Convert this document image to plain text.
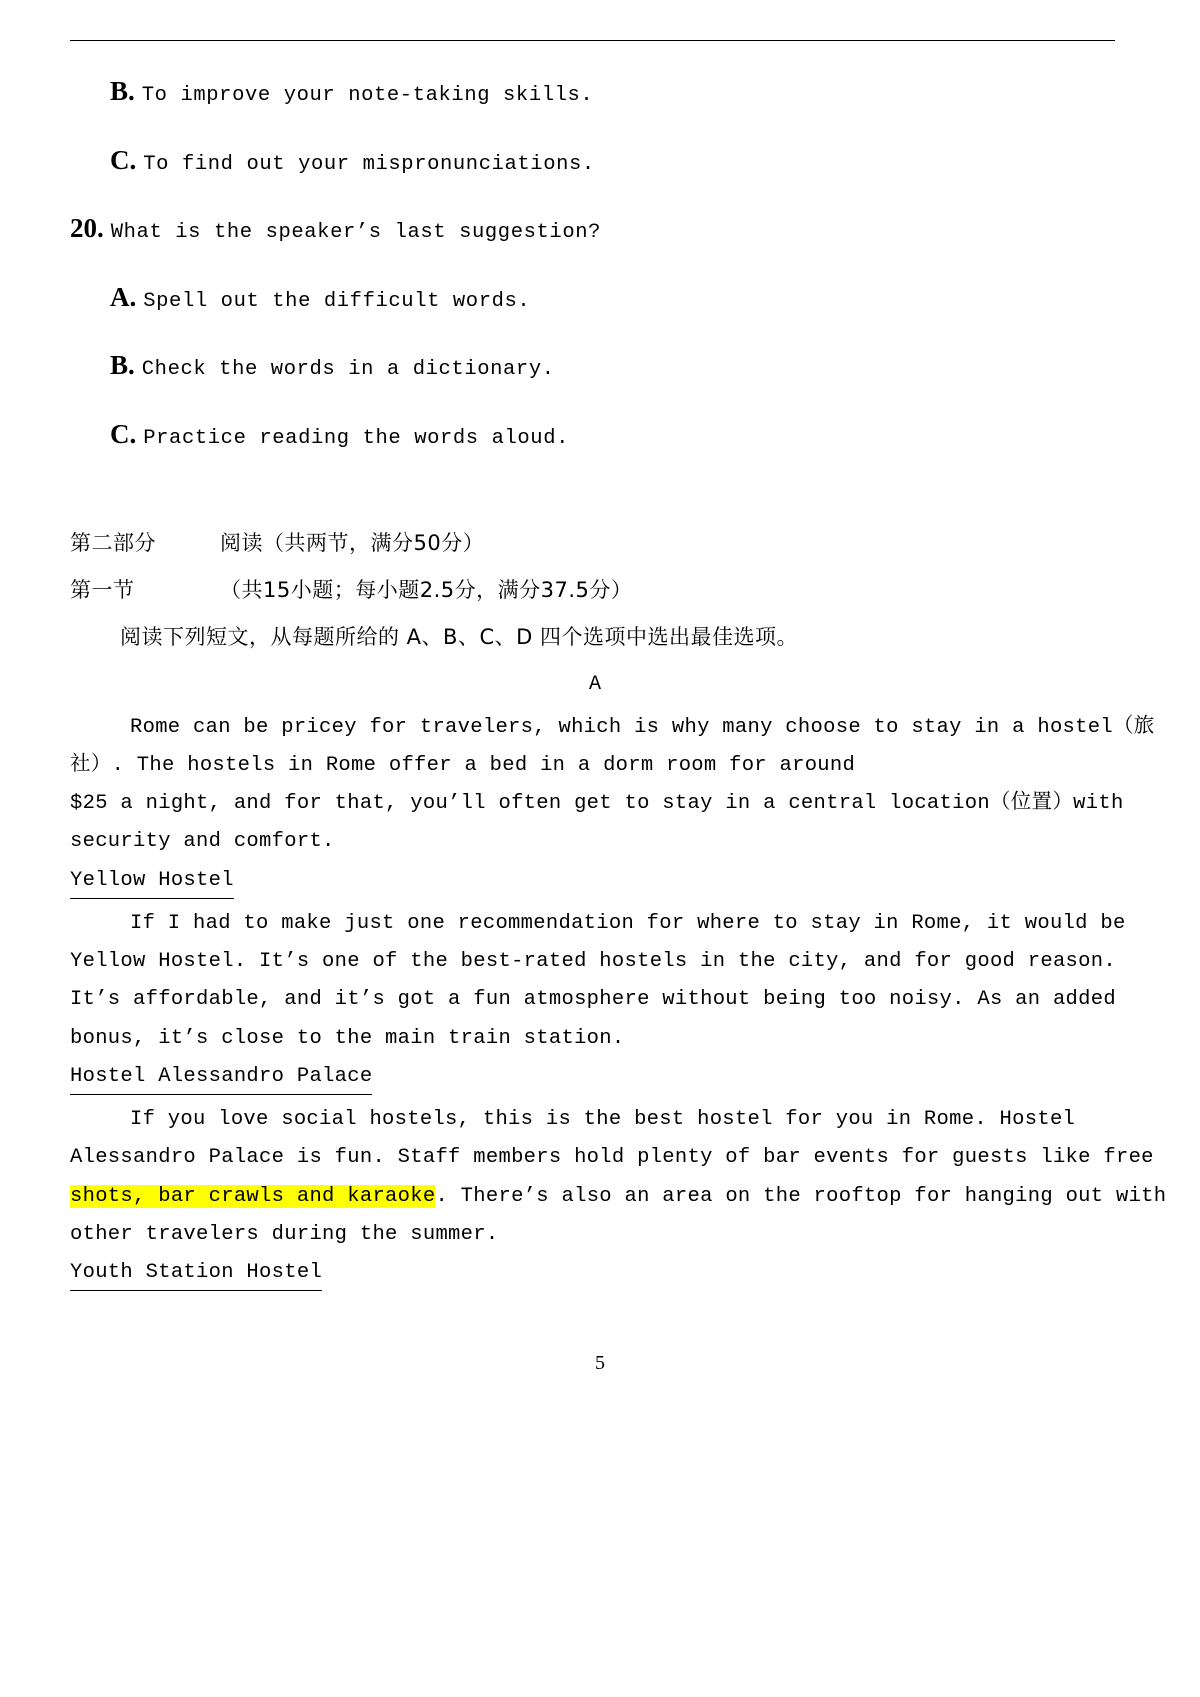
B. To improve your note-taking skills.
C. To find out your mispronunciations.
20. What is the speaker’s last suggestion?
A. Spell out the difficult words.
B. Check the words in a dictionary.
C. Practice reading the words aloud.
第二部分	阅读（共两节，满分50分）
第一节	（共15小题；每小题2.5分，满分37.5分）
阅读下列短文，从每题所给的 A、B、C、D 四个选项中选出最佳选项。
A

Rome can be pricey for travelers, which is why many choose to stay in a hostel（旅

社）. The hostels in Rome offer a bed in a dorm room for around

$25 a night, and for that, you’ll often get to stay in a central location（位置）with

security and comfort.

Yellow Hostel

If I had to make just one recommendation for where to stay in Rome, it would be

Yellow Hostel. It’s one of the best-rated hostels in the city, and for good reason.

It’s affordable, and it’s got a fun atmosphere without being too noisy. As an added

bonus, it’s close to the main train station.

Hostel Alessandro Palace

If you love social hostels, this is the best hostel for you in Rome. Hostel

Alessandro Palace is fun. Staff members hold plenty of bar events for guests like free

shots, bar crawls and karaoke. There’s also an area on the rooftop for hanging out with

other travelers during the summer.

Youth Station Hostel
5
